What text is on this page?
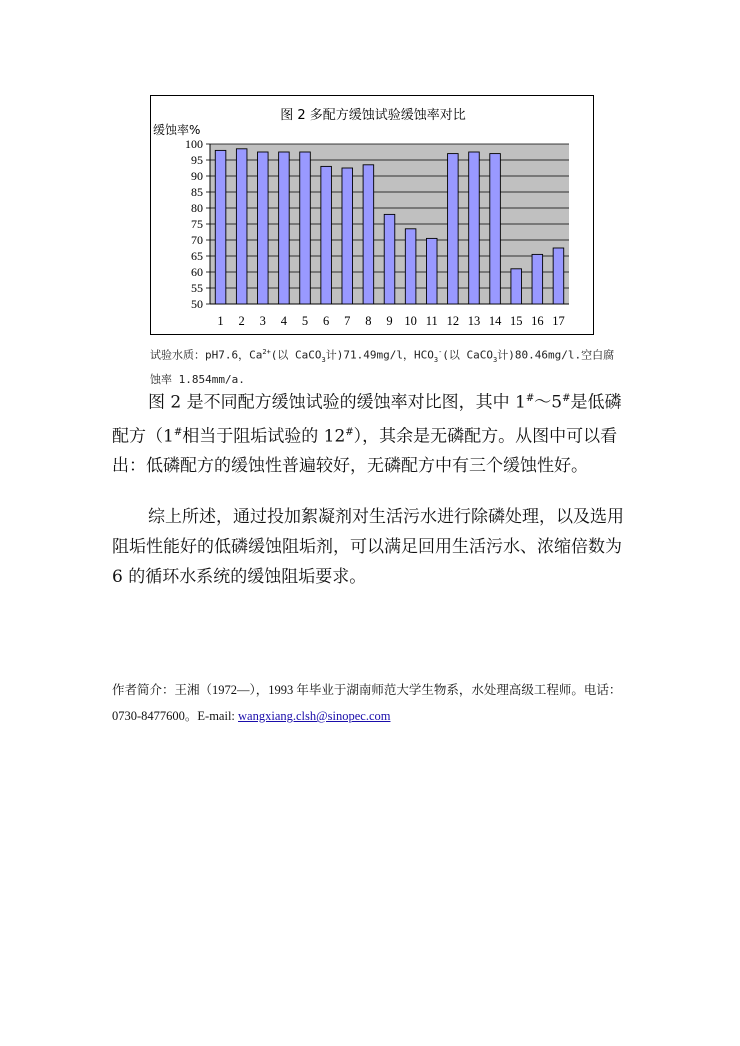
50
55
60
65
70
75
80
85
90
95
100
1 2 3 4 5 6 7 8 9 10 11 12 13 14 15 16 17
图 2 多配方缓蚀试验缓蚀率对比
缓蚀率%
试验水质：pH7.6，$Ca^{2+}$(以 CaCO$_3$计)71.49mg/l，$HCO_3^-$(以 CaCO$_3$计)80.46mg/l.空白腐蚀率 1.854mm/a.

图 2 是不同配方缓蚀试验的缓蚀率对比图，其中 1#～5#是低磷配方（1#相当于阻垢试验的 12#），其余是无磷配方。从图中可以看出：低磷配方的缓蚀性普遍较好，无磷配方中有三个缓蚀性好。

综上所述，通过投加絮凝剂对生活污水进行除磷处理，以及选用阻垢性能好的低磷缓蚀阻垢剂，可以满足回用生活污水、浓缩倍数为 6 的循环水系统的缓蚀阻垢要求。

作者简介：王湘（1972—），1993 年毕业于湖南师范大学生物系，水处理高级工程师。电话：0730-8477600。E-mail: wangxiang.clsh@sinopec.com
